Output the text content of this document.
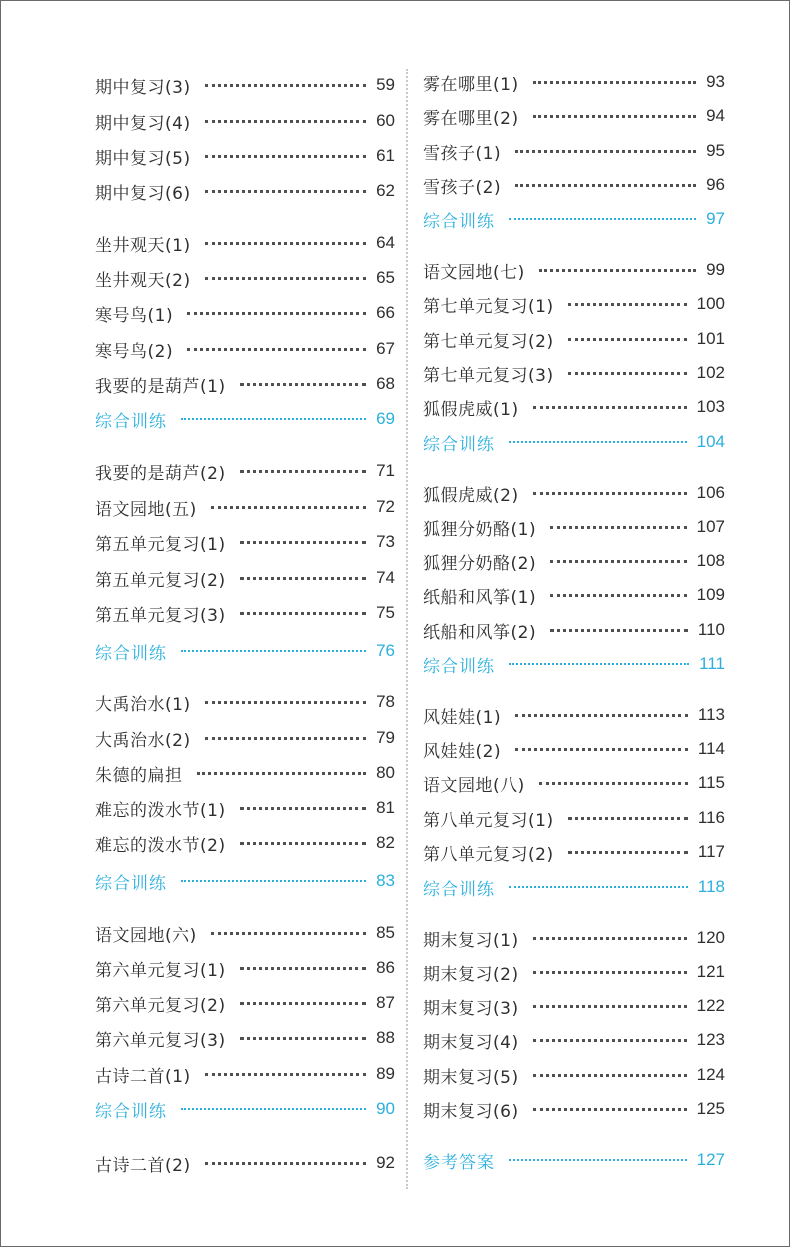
期中复习(3)	59
期中复习(4)	60
期中复习(5)	61
期中复习(6)	62
坐井观天(1)	64
坐井观天(2)	65
寒号鸟(1)	66
寒号鸟(2)	67
我要的是葫芦(1)	68
综合训练	69
我要的是葫芦(2)	71
语文园地(五)	72
第五单元复习(1)	73
第五单元复习(2)	74
第五单元复习(3)	75
综合训练	76
大禹治水(1)	78
大禹治水(2)	79
朱德的扁担	80
难忘的泼水节(1)	81
难忘的泼水节(2)	82
综合训练	83
语文园地(六)	85
第六单元复习(1)	86
第六单元复习(2)	87
第六单元复习(3)	88
古诗二首(1)	89
综合训练	90
古诗二首(2)	92
雾在哪里(1)	93
雾在哪里(2)	94
雪孩子(1)	95
雪孩子(2)	96
综合训练	97
语文园地(七)	99
第七单元复习(1)	100
第七单元复习(2)	101
第七单元复习(3)	102
狐假虎威(1)	103
综合训练	104
狐假虎威(2)	106
狐狸分奶酪(1)	107
狐狸分奶酪(2)	108
纸船和风筝(1)	109
纸船和风筝(2)	110
综合训练	111
风娃娃(1)	113
风娃娃(2)	114
语文园地(八)	115
第八单元复习(1)	116
第八单元复习(2)	117
综合训练	118
期末复习(1)	120
期末复习(2)	121
期末复习(3)	122
期末复习(4)	123
期末复习(5)	124
期末复习(6)	125
参考答案	127
